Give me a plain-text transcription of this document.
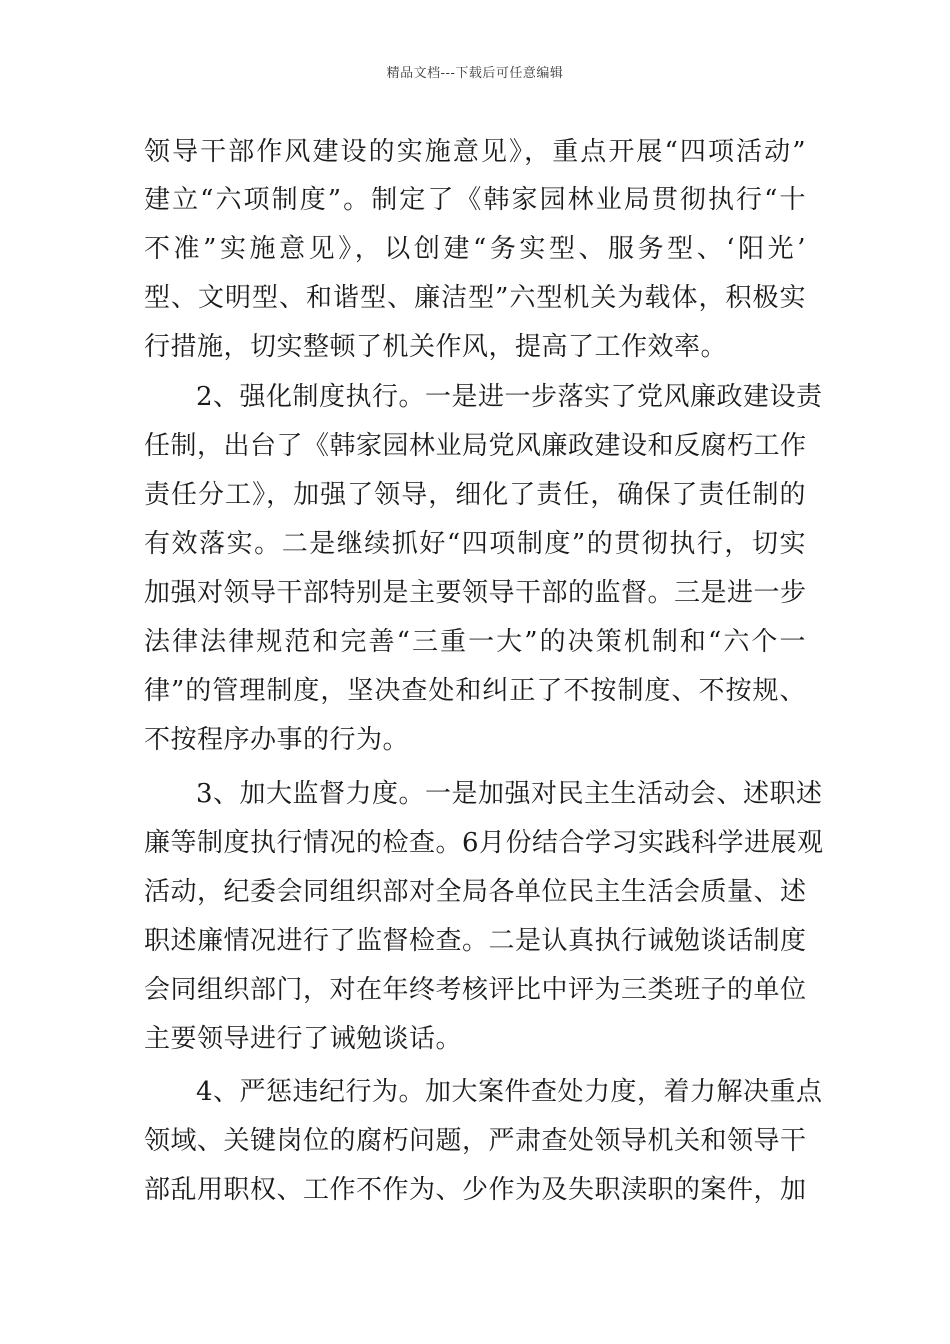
精品文档---下载后可任意编辑
领导干部作风建设的实施意见》，重点开展“四项活动”
建立“六项制度”。制定了《韩家园林业局贯彻执行“十
不准”实施意见》，以创建“务实型、服务型、‘阳光’
型、文明型、和谐型、廉洁型”六型机关为载体，积极实
行措施，切实整顿了机关作风，提高了工作效率。
2、强化制度执行。一是进一步落实了党风廉政建设责
任制，出台了《韩家园林业局党风廉政建设和反腐朽工作
责任分工》，加强了领导，细化了责任，确保了责任制的
有效落实。二是继续抓好“四项制度”的贯彻执行，切实
加强对领导干部特别是主要领导干部的监督。三是进一步
法律法律规范和完善“三重一大”的决策机制和“六个一
律”的管理制度，坚决查处和纠正了不按制度、不按规、
不按程序办事的行为。
3、加大监督力度。一是加强对民主生活动会、述职述
廉等制度执行情况的检查。6月份结合学习实践科学进展观
活动，纪委会同组织部对全局各单位民主生活会质量、述
职述廉情况进行了监督检查。二是认真执行诫勉谈话制度
会同组织部门，对在年终考核评比中评为三类班子的单位
主要领导进行了诫勉谈话。
4、严惩违纪行为。加大案件查处力度，着力解决重点
领域、关键岗位的腐朽问题，严肃查处领导机关和领导干
部乱用职权、工作不作为、少作为及失职渎职的案件，加
